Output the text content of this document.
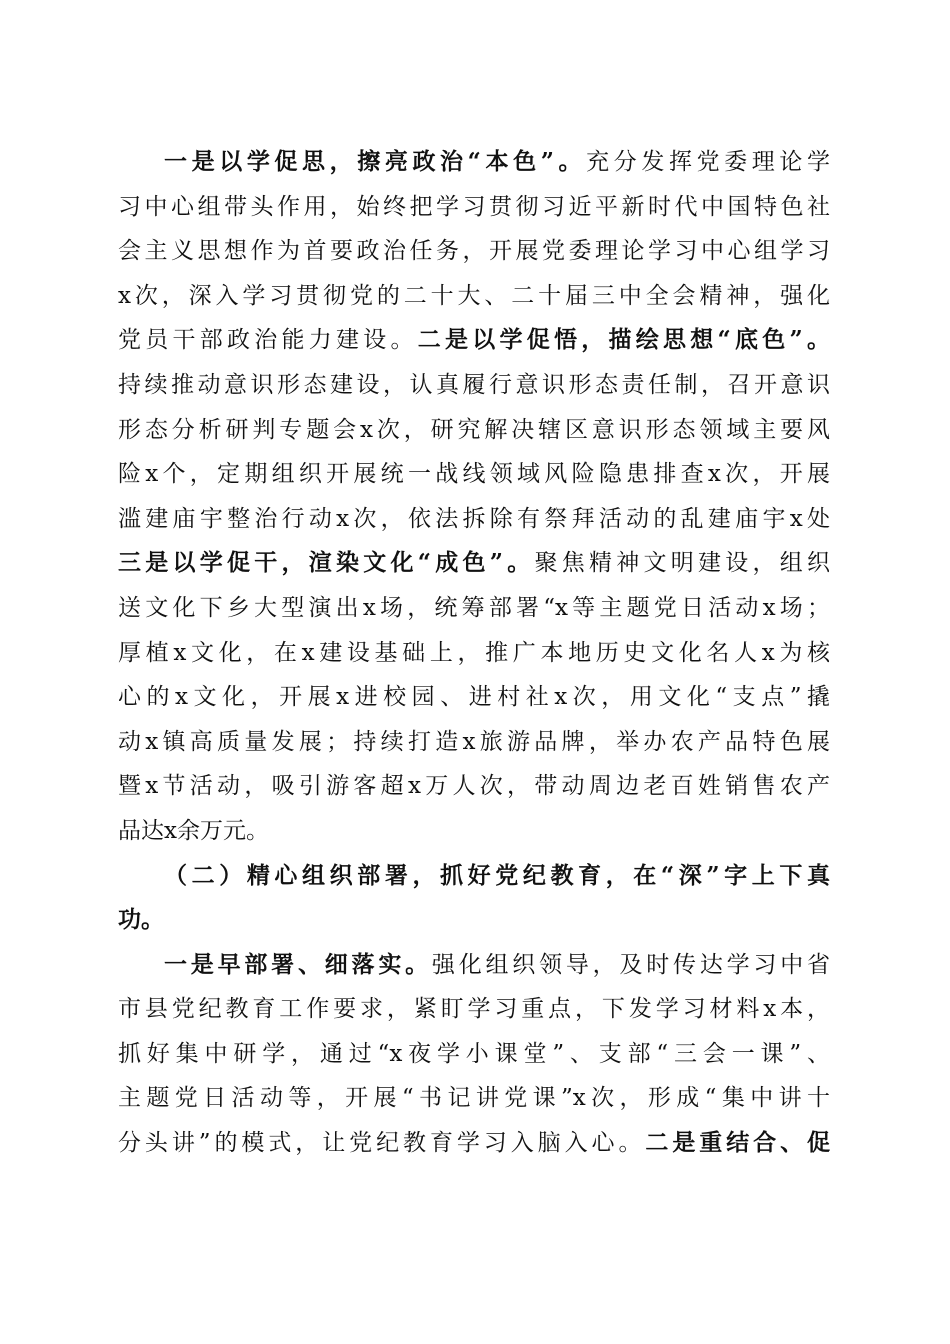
一是以学促思，擦亮政治“本色”。充分发挥党委理论学
习中心组带头作用，始终把学习贯彻习近平新时代中国特色社
会主义思想作为首要政治任务，开展党委理论学习中心组学习
x次，深入学习贯彻党的二十大、二十届三中全会精神，强化
党员干部政治能力建设。二是以学促悟，描绘思想“底色”。
持续推动意识形态建设，认真履行意识形态责任制，召开意识
形态分析研判专题会x次，研究解决辖区意识形态领域主要风
险x个，定期组织开展统一战线领域风险隐患排查x次，开展
滥建庙宇整治行动x次，依法拆除有祭拜活动的乱建庙宇x处
三是以学促干，渲染文化“成色”。聚焦精神文明建设，组织
送文化下乡大型演出x场，统筹部署“x等主题党日活动x场；
厚植x文化，在x建设基础上，推广本地历史文化名人x为核
心的x文化，开展x进校园、进村社x次，用文化“支点”撬
动x镇高质量发展；持续打造x旅游品牌，举办农产品特色展
暨x节活动，吸引游客超x万人次，带动周边老百姓销售农产
品达x余万元。
（二）精心组织部署，抓好党纪教育，在“深”字上下真
功。
一是早部署、细落实。强化组织领导，及时传达学习中省
市县党纪教育工作要求，紧盯学习重点，下发学习材料x本，
抓好集中研学，通过“x夜学小课堂”、支部“三会一课”、
主题党日活动等，开展“书记讲党课”x次，形成“集中讲十
分头讲”的模式，让党纪教育学习入脑入心。二是重结合、促
